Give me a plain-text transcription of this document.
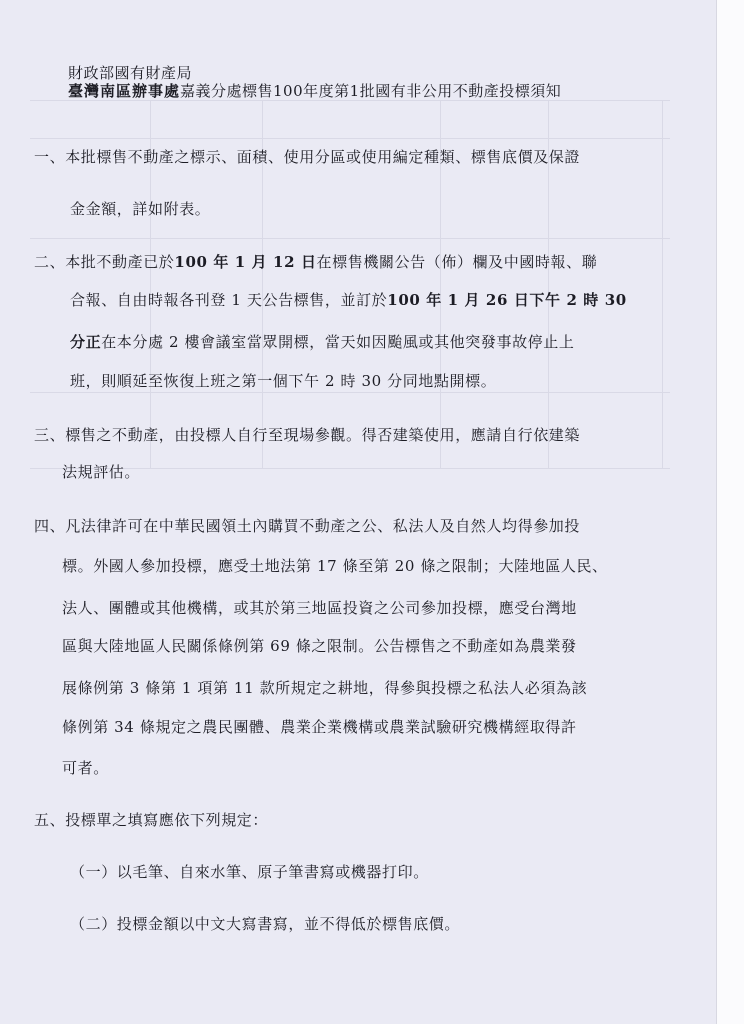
財政部國有財產局
臺灣南區辦事處嘉義分處標售100年度第1批國有非公用不動產投標須知
一、本批標售不動產之標示、面積、使用分區或使用編定種類、標售底價及保證
金金額，詳如附表。
二、本批不動產已於100 年 1 月 12 日在標售機關公告（佈）欄及中國時報、聯
合報、自由時報各刊登 1 天公告標售，並訂於100 年 1 月 26 日下午 2 時 30
分正在本分處 2 樓會議室當眾開標，當天如因颱風或其他突發事故停止上
班，則順延至恢復上班之第一個下午 2 時 30 分同地點開標。
三、標售之不動產，由投標人自行至現場參觀。得否建築使用，應請自行依建築
法規評估。
四、凡法律許可在中華民國領土內購買不動產之公、私法人及自然人均得參加投
標。外國人參加投標，應受土地法第 17 條至第 20 條之限制；大陸地區人民、
法人、團體或其他機構，或其於第三地區投資之公司參加投標，應受台灣地
區與大陸地區人民關係條例第 69 條之限制。公告標售之不動產如為農業發
展條例第 3 條第 1 項第 11 款所規定之耕地，得參與投標之私法人必須為該
條例第 34 條規定之農民團體、農業企業機構或農業試驗研究機構經取得許
可者。
五、投標單之填寫應依下列規定：
（一）以毛筆、自來水筆、原子筆書寫或機器打印。
（二）投標金額以中文大寫書寫，並不得低於標售底價。
